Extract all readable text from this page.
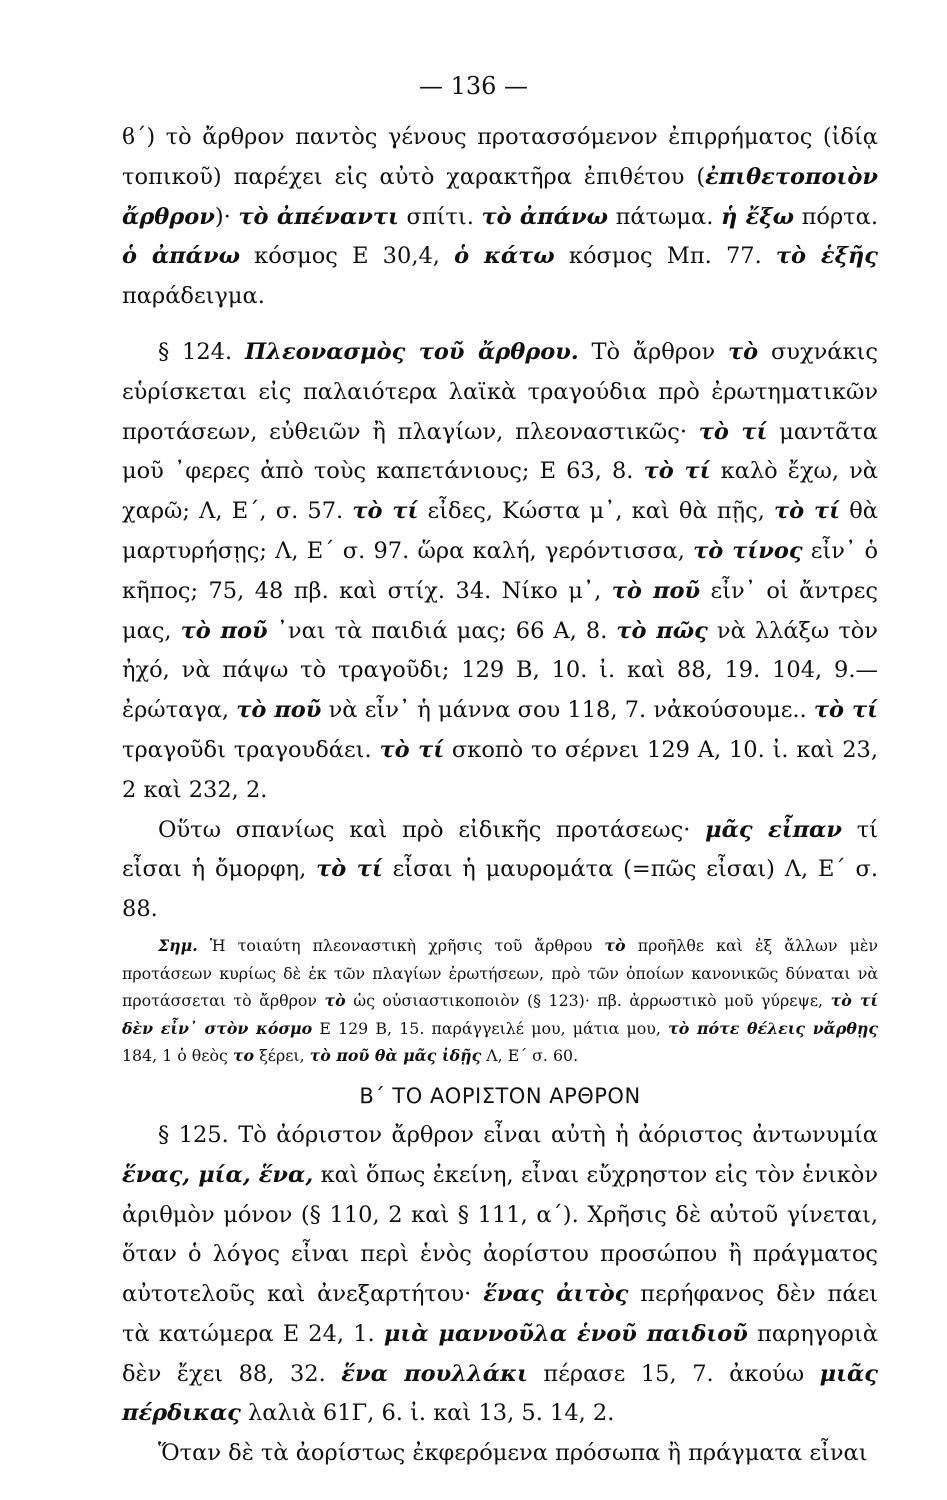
— 136 —
ϐ΄) τὸ ἄρθρον παντὸς γένους προτασσόμενον ἐπιρρήματος (ἰδίᾳ τοπικοῦ) παρέχει εἰς αὐτὸ χαρακτῆρα ἐπιθέτου (ἐπιθετοποιὸν ἄρθρον)· τὸ ἀπέναντι σπίτι. τὸ ἀπάνω πάτωμα. ἡ ἔξω πόρτα. ὁ ἀπάνω κόσμος Ε 30,4, ὁ κάτω κόσμος Μπ. 77. τὸ ἑξῆς παράδειγμα.
§ 124. Πλεονασμὸς τοῦ ἄρθρου. Τὸ ἄρθρον τὸ συχνάκις εὑρίσκεται εἰς παλαιότερα λαϊκὰ τραγούδια πρὸ ἐρωτηματικῶν προτάσεων, εὐθειῶν ἢ πλαγίων, πλεοναστικῶς· τὸ τί μαντᾶτα μοῦ ᾿φερες ἀπὸ τοὺς καπετάνιους; Ε 63, 8. τὸ τί καλὸ ἔχω, νὰ χαρῶ; Λ, Ε΄, σ. 57. τὸ τί εἶδες, Κώστα μ᾿, καὶ θὰ πῇς, τὸ τί θὰ μαρτυρήσῃς; Λ, Ε΄ σ. 97. ὥρα καλή, γερόντισσα, τὸ τίνος εἶν᾿ ὁ κῆπος; 75, 48 πβ. καὶ στίχ. 34. Νίκο μ᾿, τὸ ποῦ εἶν᾿ οἱ ἄντρες μας, τὸ ποῦ ᾿ναι τὰ παιδιά μας; 66 Α, 8. τὸ πῶς νὰ λλάξω τὸν ἠχό, νὰ πάψω τὸ τραγοῦδι; 129 Β, 10. ἰ. καὶ 88, 19. 104, 9.—ἐρώταγα, τὸ ποῦ νὰ εἶν᾿ ἡ μάννα σου 118, 7. νἀκούσουμε.. τὸ τί τραγοῦδι τραγουδάει. τὸ τί σκοπὸ το σέρνει 129 Α, 10. ἰ. καὶ 23, 2 καὶ 232, 2.
Οὕτω σπανίως καὶ πρὸ εἰδικῆς προτάσεως· μᾶς εἶπαν τί εἶσαι ἡ ὄμορφη, τὸ τί εἶσαι ἡ μαυρομάτα (=πῶς εἶσαι) Λ, Ε΄ σ. 88.
Σημ. Ἡ τοιαύτη πλεοναστικὴ χρῆσις τοῦ ἄρθρου τὸ προῆλθε καὶ ἐξ ἄλλων μὲν προτάσεων κυρίως δὲ ἐκ τῶν πλαγίων ἐρωτήσεων, πρὸ τῶν ὁποίων κανονικῶς δύναται νὰ προτάσσεται τὸ ἄρθρον τὸ ὡς οὐσιαστικοποιὸν (§ 123)· πβ. ἀρρωστικὸ μοῦ γύρεψε, τὸ τί δὲν εἶν᾿ στὸν κόσμο Ε 129 Β, 15. παράγγειλέ μου, μάτια μου, τὸ πότε θέλεις νἄρθῃς 184, 1 ὁ θεὸς το ξέρει, τὸ ποῦ θὰ μᾶς ἰδῇς Λ, Ε΄ σ. 60.
Β΄ ΤΟ ΑΟΡΙΣΤΟΝ ΑΡΘΡΟΝ
§ 125. Τὸ ἀόριστον ἄρθρον εἶναι αὐτὴ ἡ ἀόριστος ἀντωνυμία ἕνας, μία, ἕνα, καὶ ὅπως ἐκείνη, εἶναι εὔχρηστον εἰς τὸν ἑνικὸν ἀριθμὸν μόνον (§ 110, 2 καὶ § 111, α΄). Χρῆσις δὲ αὐτοῦ γίνεται, ὅταν ὁ λόγος εἶναι περὶ ἑνὸς ἀορίστου προσώπου ἢ πράγματος αὐτοτελοῦς καὶ ἀνεξαρτήτου· ἕνας ἀιτὸς περήφανος δὲν πάει τὰ κατώμερα Ε 24, 1. μιὰ μαννοῦλα ἑνοῦ παιδιοῦ παρηγοριὰ δὲν ἔχει 88, 32. ἕνα πουλλάκι πέρασε 15, 7. ἀκούω μιᾶς πέρδικας λαλιὰ 61Γ, 6. ἰ. καὶ 13, 5. 14, 2.
Ὅταν δὲ τὰ ἀορίστως ἐκφερόμενα πρόσωπα ἢ πράγματα εἶναι
